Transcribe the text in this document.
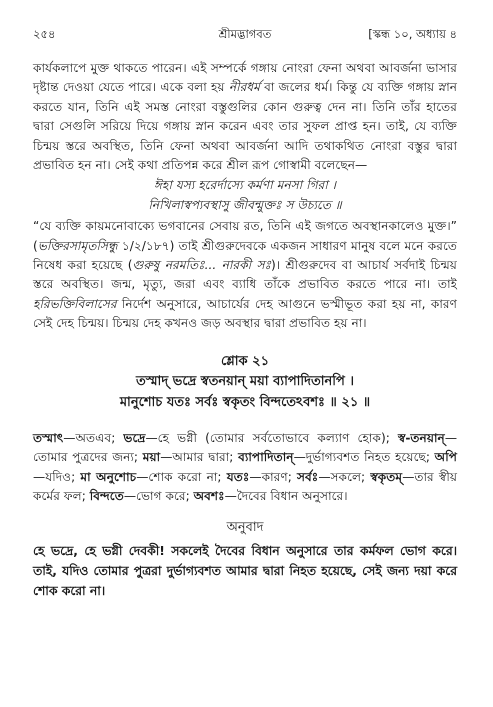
২৫৪	শ্রীমদ্ভাগবত	[স্কন্ধ ১০, অধ্যায় ৪

কার্যকলাপে মুক্ত থাকতে পারেন। এই সম্পর্কে গঙ্গায় নোংরা ফেনা অথবা আবর্জনা ভাসার দৃষ্টান্ত দেওয়া যেতে পারে। একে বলা হয় নীরধর্ম বা জলের ধর্ম। কিন্তু যে ব্যক্তি গঙ্গায় স্নান করতে যান, তিনি এই সমস্ত নোংরা বস্তুগুলির কোন গুরুত্ব দেন না। তিনি তাঁর হাতের দ্বারা সেগুলি সরিয়ে দিয়ে গঙ্গায় স্নান করেন এবং তার সুফল প্রাপ্ত হন। তাই, যে ব্যক্তি চিন্ময় স্তরে অবস্থিত, তিনি ফেনা অথবা আবর্জনা আদি তথাকথিত নোংরা বস্তুর দ্বারা প্রভাবিত হন না। সেই কথা প্রতিপন্ন করে শ্রীল রূপ গোস্বামী বলেছেন—

ঈহা যস্য হরের্দাস্যে কর্মণা মনসা গিরা ।
নিখিলাস্বপ্যবস্থাসু জীবন্মুক্তঃ স উচ্যতে ॥

“যে ব্যক্তি কায়মনোবাক্যে ভগবানের সেবায় রত, তিনি এই জগতে অবস্থানকালেও মুক্ত।” (ভক্তিরসামৃতসিন্ধু ১/২/১৮৭) তাই শ্রীগুরুদেবকে একজন সাধারণ মানুষ বলে মনে করতে নিষেধ করা হয়েছে (গুরুষু নরমতিঃ... নারকী সঃ)। শ্রীগুরুদেব বা আচার্য সর্বদাই চিন্ময় স্তরে অবস্থিত। জন্ম, মৃত্যু, জরা এবং ব্যাধি তাঁকে প্রভাবিত করতে পারে না। তাই হরিভক্তিবিলাসের নির্দেশ অনুসারে, আচার্যের দেহ আগুনে ভস্মীভূত করা হয় না, কারণ সেই দেহ চিন্ময়। চিন্ময় দেহ কখনও জড় অবস্থার দ্বারা প্রভাবিত হয় না।

শ্লোক ২১
তস্মাদ্ ভদ্রে স্বতনয়ান্ ময়া ব্যাপাদিতানপি ।
মানুশোচ যতঃ সর্বঃ স্বকৃতং বিন্দতেঽবশঃ ॥ ২১ ॥

তস্মাৎ—অতএব; ভদ্রে—হে ভগ্নী (তোমার সর্বতোভাবে কল্যাণ হোক); স্ব-তনয়ান্—তোমার পুত্রদের জন্য; ময়া—আমার দ্বারা; ব্যাপাদিতান্—দুর্ভাগ্যবশত নিহত হয়েছে; অপি—যদিও; মা অনুশোচ—শোক করো না; যতঃ—কারণ; সর্বঃ—সকলে; স্বকৃতম্—তার স্বীয় কর্মের ফল; বিন্দতে—ভোগ করে; অবশঃ—দৈবের বিধান অনুসারে।

অনুবাদ

হে ভদ্রে, হে ভগ্নী দেবকী! সকলেই দৈবের বিধান অনুসারে তার কর্মফল ভোগ করে। তাই, যদিও তোমার পুত্ররা দুর্ভাগ্যবশত আমার দ্বারা নিহত হয়েছে, সেই জন্য দয়া করে শোক করো না।
